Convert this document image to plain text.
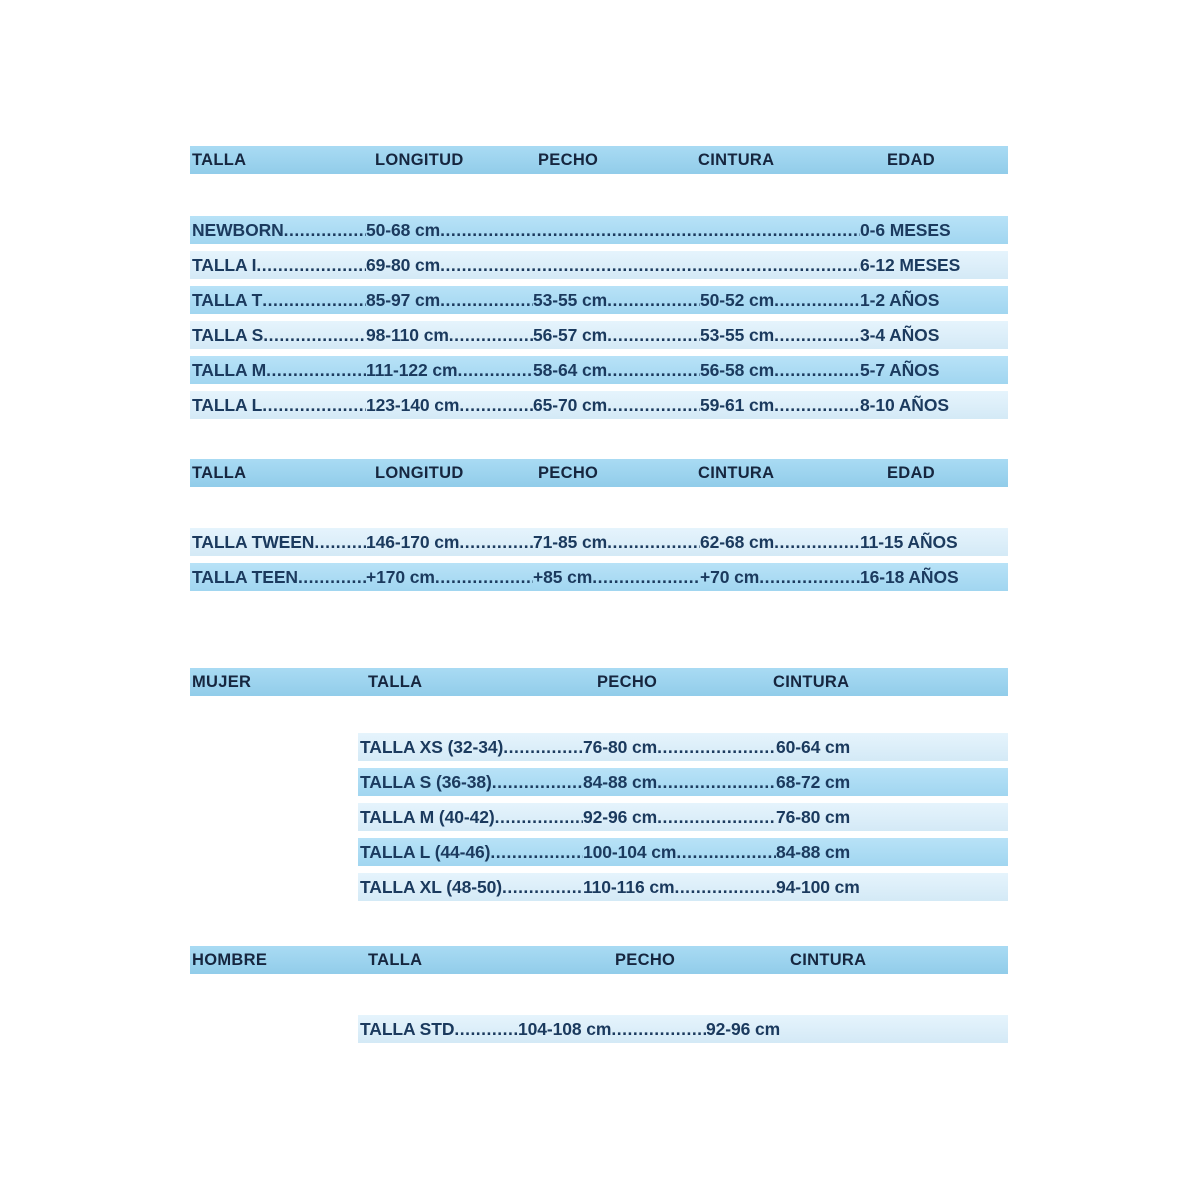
TALLA	LONGITUD	PECHO	CINTURA	EDAD
NEWBORN .....	50-68 cm .....	0-6 MESES
TALLA I .....	69-80 cm .....	6-12 MESES
TALLA T .....	85-97 cm .....	53-55 cm .....	50-52 cm .....	1-2 AÑOS
TALLA S .....	98-110 cm .....	56-57 cm .....	53-55 cm .....	3-4 AÑOS
TALLA M .....	111-122 cm .....	58-64 cm .....	56-58 cm .....	5-7 AÑOS
TALLA L .....	123-140 cm .....	65-70 cm .....	59-61 cm .....	8-10 AÑOS
TALLA	LONGITUD	PECHO	CINTURA	EDAD
TALLA TWEEN .....	146-170 cm .....	71-85 cm .....	62-68 cm .....	11-15 AÑOS
TALLA TEEN .....	+170 cm .....	+85 cm .....	+70 cm .....	16-18 AÑOS
MUJER	TALLA	PECHO	CINTURA
TALLA XS (32-34) .....	76-80 cm .....	60-64 cm
TALLA S (36-38) .....	84-88 cm .....	68-72 cm
TALLA M (40-42) .....	92-96 cm .....	76-80 cm
TALLA L (44-46) .....	100-104 cm .....	84-88 cm
TALLA XL (48-50) .....	110-116 cm .....	94-100 cm
HOMBRE	TALLA	PECHO	CINTURA
TALLA STD .....	104-108 cm .....	92-96 cm
